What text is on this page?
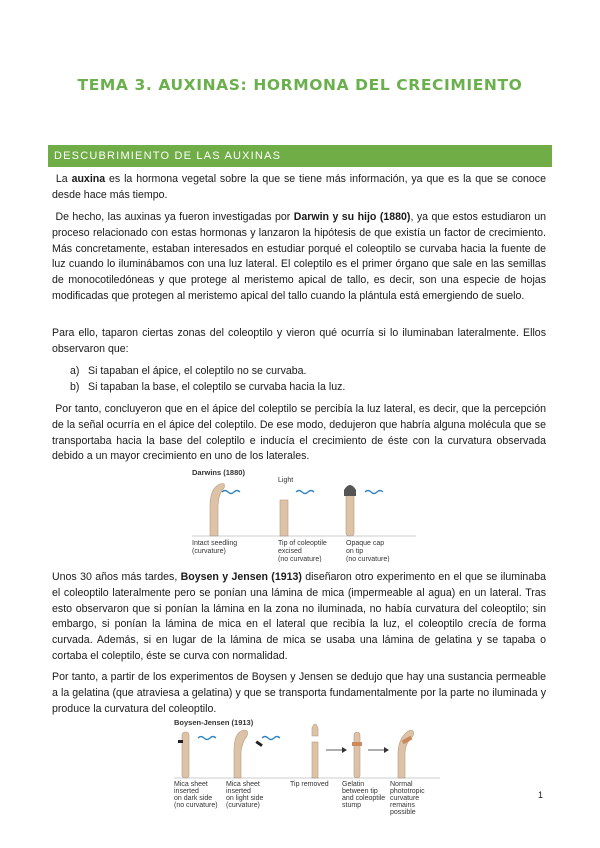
TEMA 3. AUXINAS: HORMONA DEL CRECIMIENTO
DESCUBRIMIENTO DE LAS AUXINAS

La auxina es la hormona vegetal sobre la que se tiene más información, ya que es la que se conoce desde hace más tiempo.

De hecho, las auxinas ya fueron investigadas por Darwin y su hijo (1880), ya que estos estudiaron un proceso relacionado con estas hormonas y lanzaron la hipótesis de que existía un factor de crecimiento. Más concretamente, estaban interesados en estudiar porqué el coleoptilo se curvaba hacia la fuente de luz cuando lo iluminábamos con una luz lateral. El coleptilo es el primer órgano que sale en las semillas de monocotiledóneas y que protege al meristemo apical de tallo, es decir, son una especie de hojas modificadas que protegen al meristemo apical del tallo cuando la plántula está emergiendo de suelo.

Para ello, taparon ciertas zonas del coleoptilo y vieron qué ocurría si lo iluminaban lateralmente. Ellos observaron que:

a) Si tapaban el ápice, el coleptilo no se curvaba.
b) Si tapaban la base, el coleptilo se curvaba hacia la luz.

Por tanto, concluyeron que en el ápice del coleptilo se percibía la luz lateral, es decir, que la percepción de la señal ocurría en el ápice del coleptilo. De ese modo, dedujeron que habría alguna molécula que se transportaba hacia la base del coleptilo e inducía el crecimiento de éste con la curvatura observada debido a un mayor crecimiento en uno de los laterales.

Darwins (1880)
Light
Intact seedling
(curvature)
Tip of coleoptile
excised
(no curvature)
Opaque cap
on tip
(no curvature)

Unos 30 años más tardes, Boysen y Jensen (1913) diseñaron otro experimento en el que se iluminaba el coleoptilo lateralmente pero se ponían una lámina de mica (impermeable al agua) en un lateral. Tras esto observaron que si ponían la lámina en la zona no iluminada, no había curvatura del coleoptilo; sin embargo, si ponían la lámina de mica en el lateral que recibía la luz, el coleoptilo crecía de forma curvada. Además, si en lugar de la lámina de mica se usaba una lámina de gelatina y se tapaba o cortaba el coleptilo, éste se curva con normalidad.

Por tanto, a partir de los experimentos de Boysen y Jensen se dedujo que hay una sustancia permeable a la gelatina (que atraviesa a gelatina) y que se transporta fundamentalmente por la parte no iluminada y produce la curvatura del coleoptilo.

Boysen-Jensen (1913)
Mica sheet
inserted
on dark side
(no curvature)
Mica sheet
inserted
on light side
(curvature)
Tip removed Gelatin
between tip
and coleoptile
stump
Normal
phototropic
curvature
remains
possible
1
